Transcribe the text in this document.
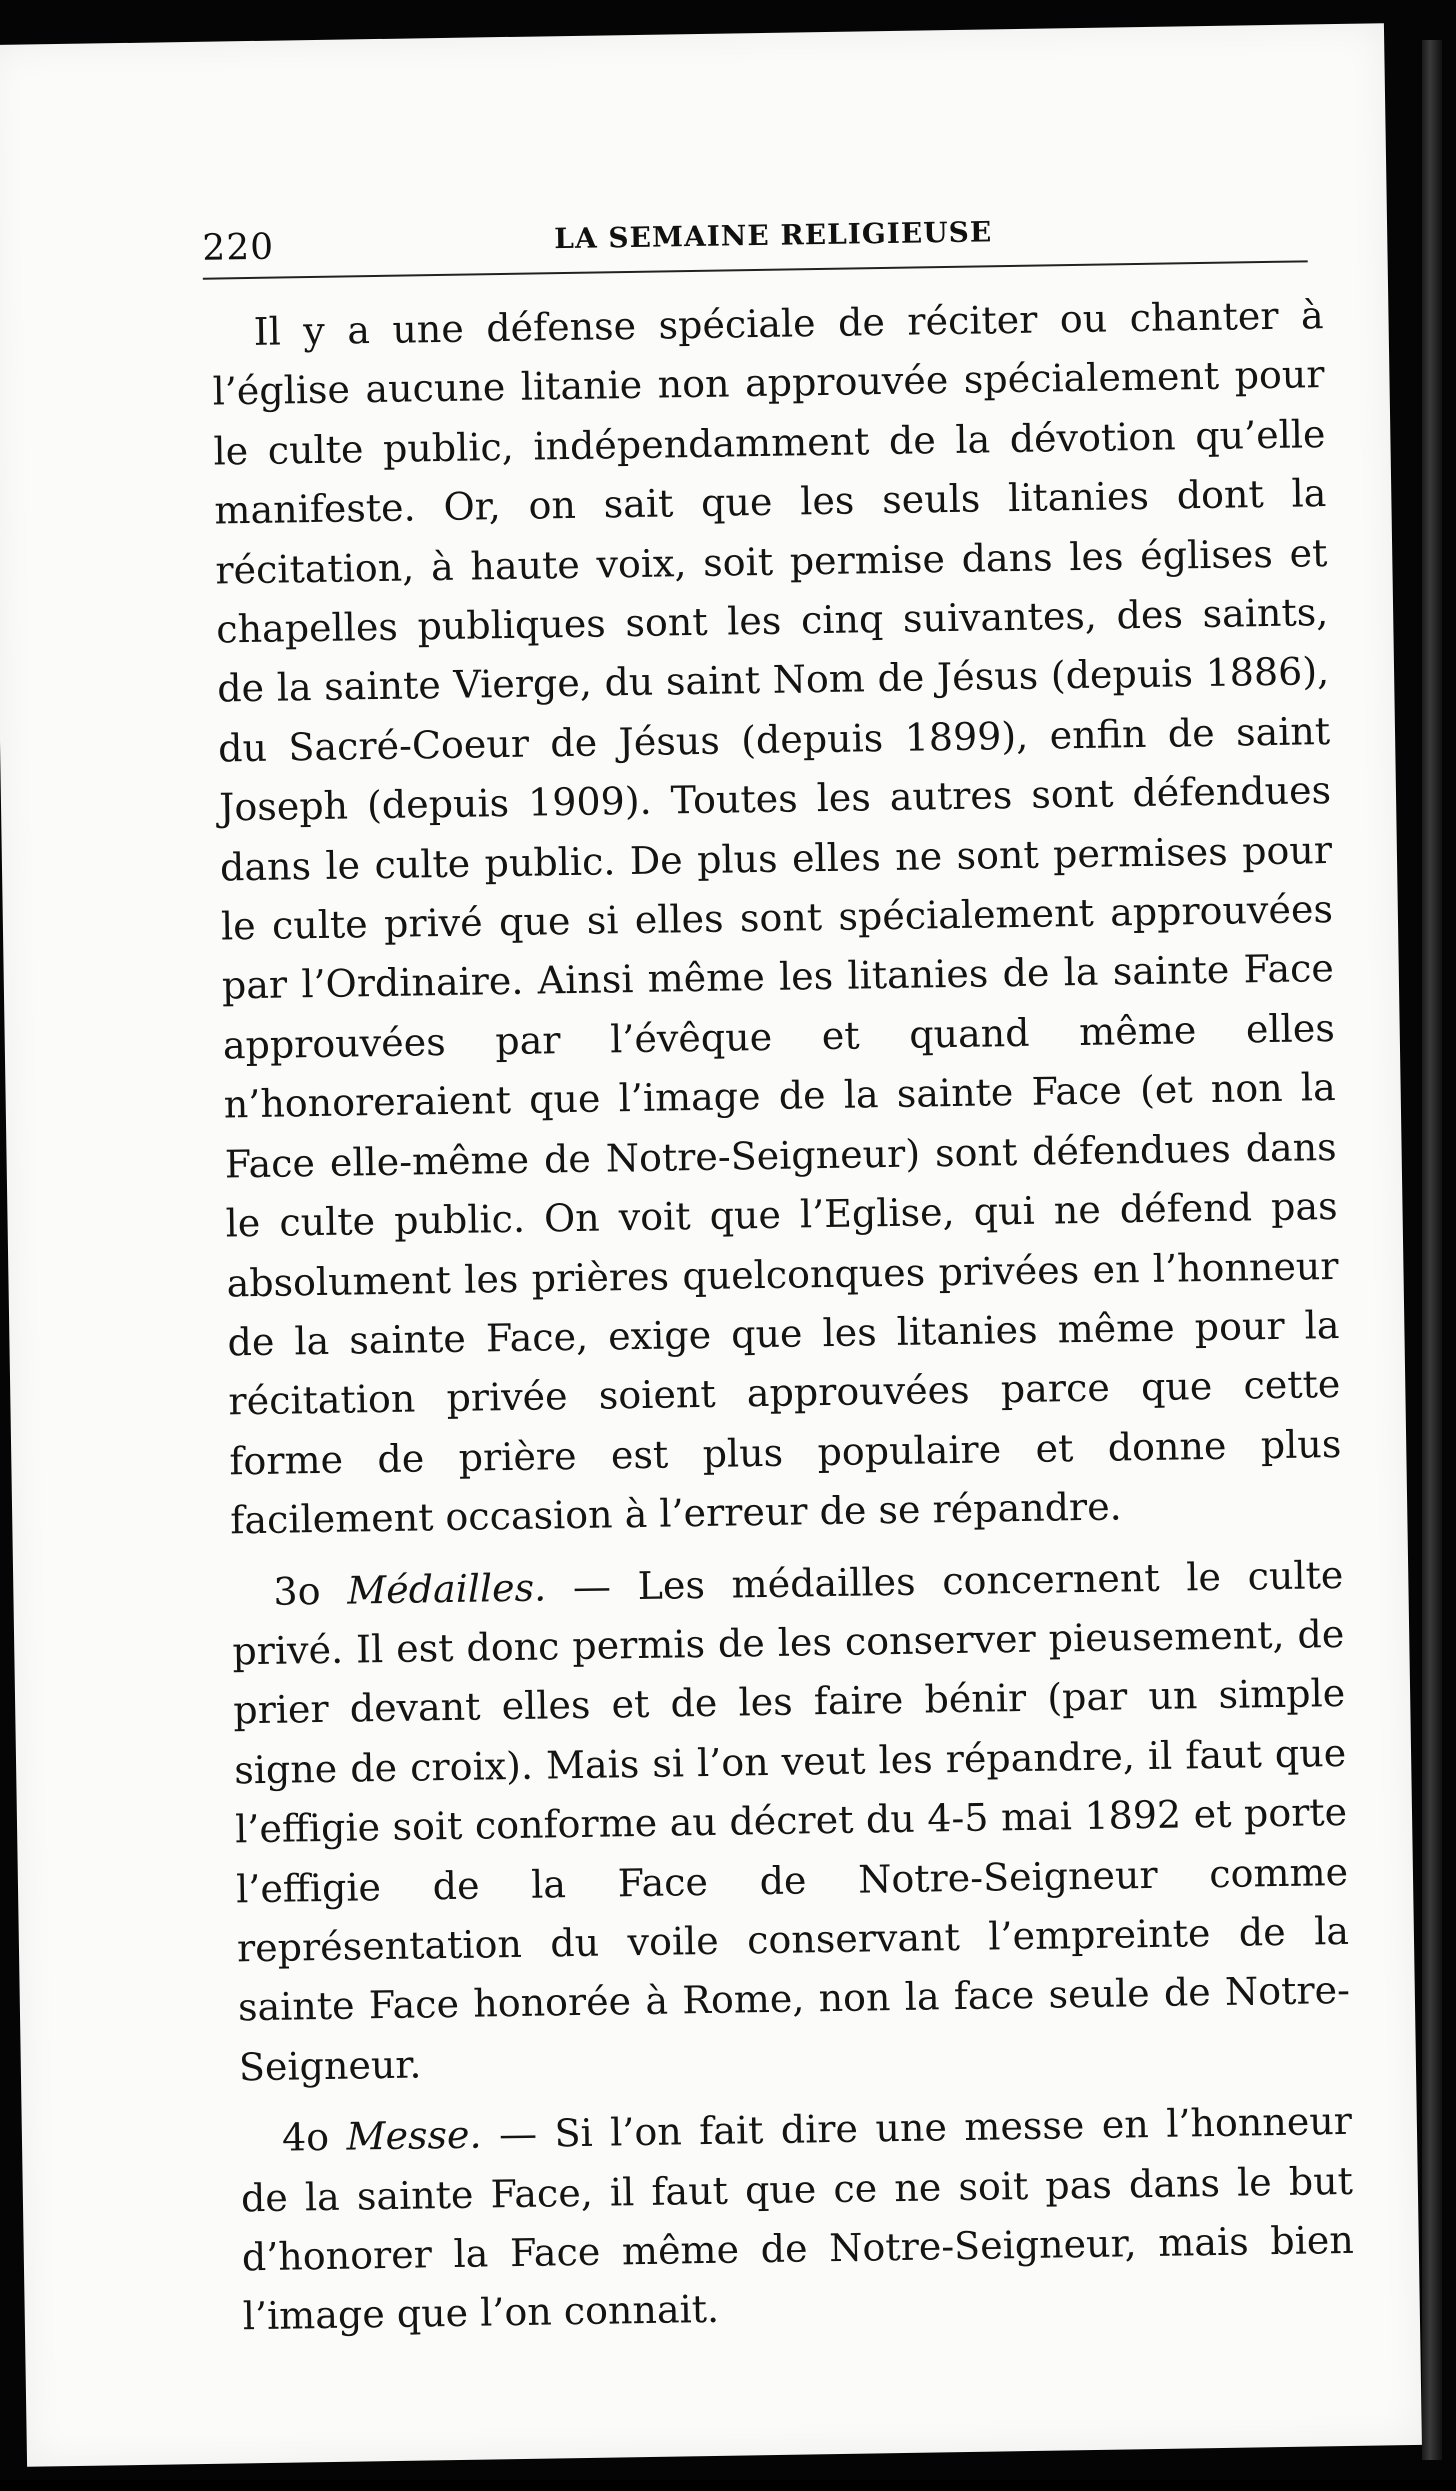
220	LA SEMAINE RELIGIEUSE

Il y a une défense spéciale de réciter ou chanter à l’église aucune litanie non approuvée spécialement pour le culte public, indépendamment de la dévotion qu’elle manifeste. Or, on sait que les seuls litanies dont la récitation, à haute voix, soit permise dans les églises et chapelles publiques sont les cinq suivantes, des saints, de la sainte Vierge, du saint Nom de Jésus (depuis 1886), du Sacré-Coeur de Jésus (depuis 1899), enfin de saint Joseph (depuis 1909). Toutes les autres sont défendues dans le culte public. De plus elles ne sont permises pour le culte privé que si elles sont spécialement approuvées par l’Ordinaire. Ainsi même les litanies de la sainte Face approuvées par l’évêque et quand même elles n’honoreraient que l’image de la sainte Face (et non la Face elle-même de Notre-Seigneur) sont défendues dans le culte public. On voit que l’Eglise, qui ne défend pas absolument les prières quelconques privées en l’honneur de la sainte Face, exige que les litanies même pour la récitation privée soient approuvées parce que cette forme de prière est plus populaire et donne plus facilement occasion à l’erreur de se répandre.

3o Médailles. — Les médailles concernent le culte privé. Il est donc permis de les conserver pieusement, de prier devant elles et de les faire bénir (par un simple signe de croix). Mais si l’on veut les répandre, il faut que l’effigie soit conforme au décret du 4-5 mai 1892 et porte l’effigie de la Face de Notre-Seigneur comme représentation du voile conservant l’empreinte de la sainte Face honorée à Rome, non la face seule de Notre-Seigneur.

4o Messe. — Si l’on fait dire une messe en l’honneur de la sainte Face, il faut que ce ne soit pas dans le but d’honorer la Face même de Notre-Seigneur, mais bien l’image que l’on connait.
